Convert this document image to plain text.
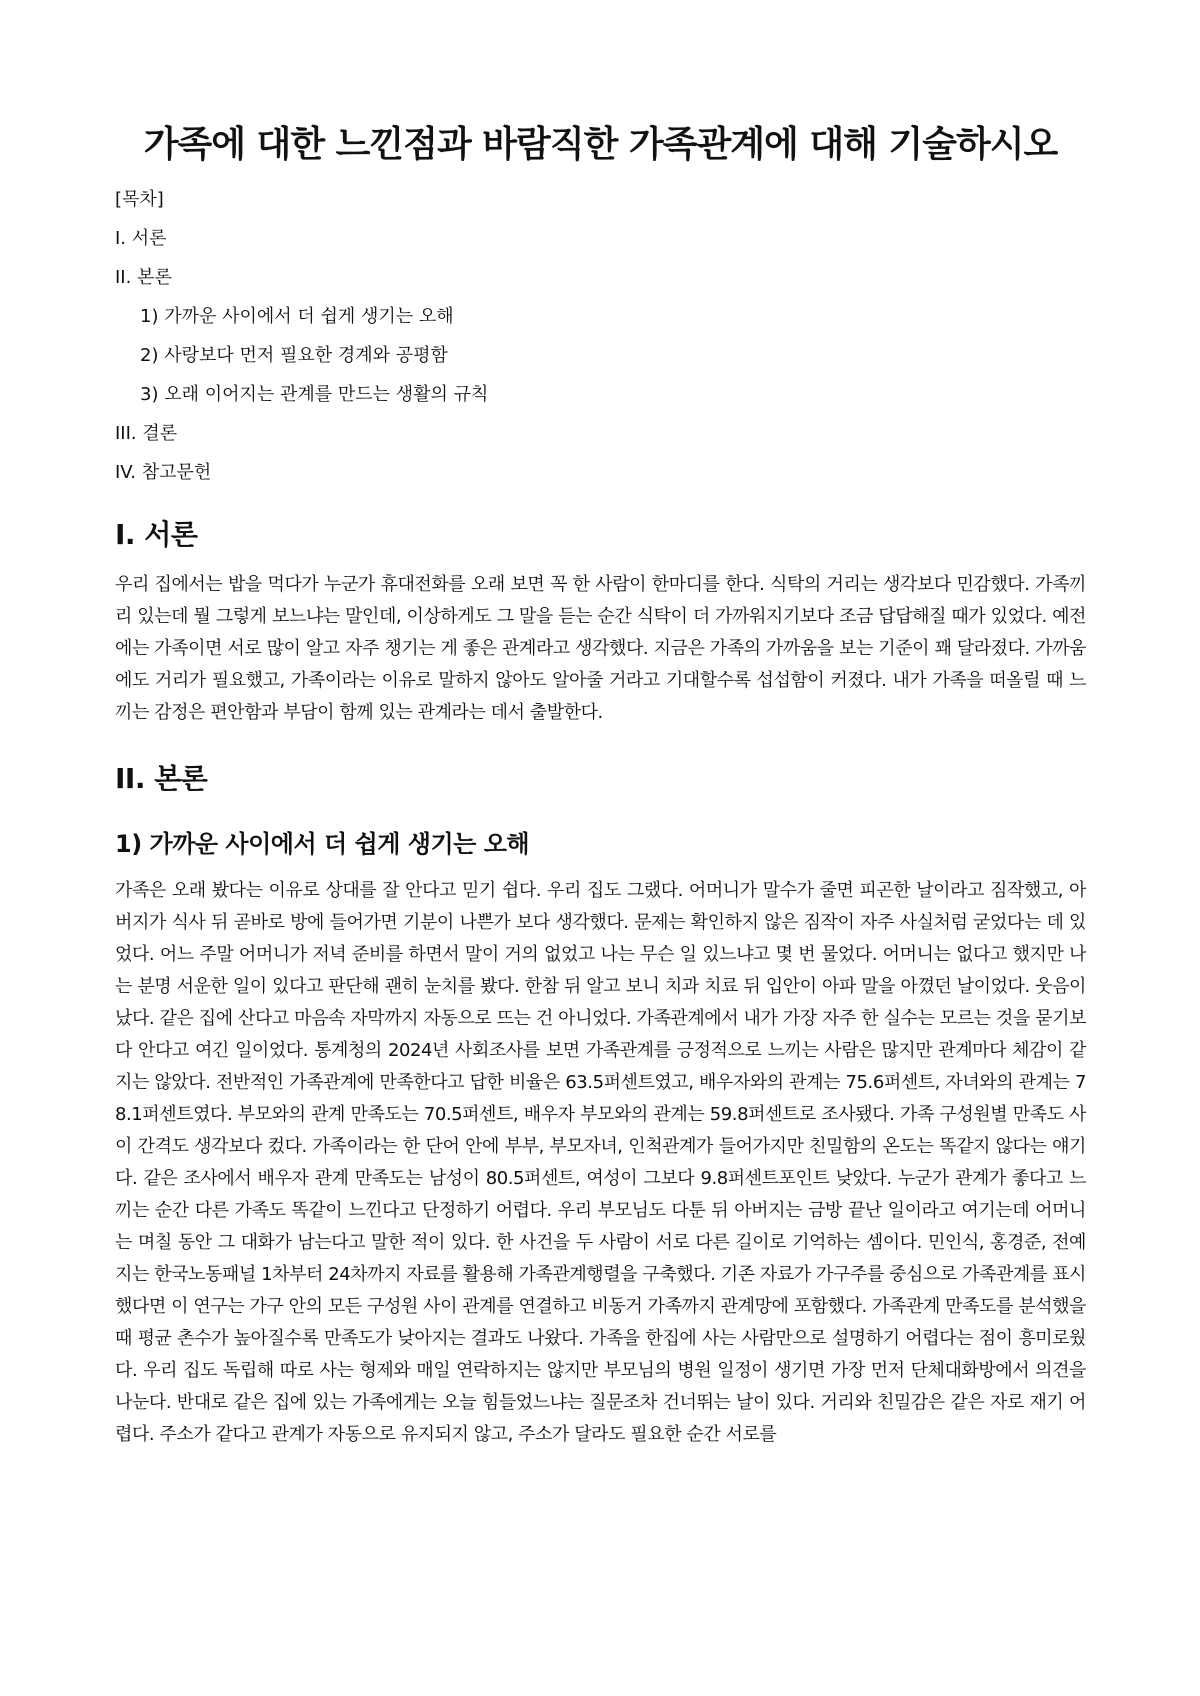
가족에 대한 느낀점과 바람직한 가족관계에 대해 기술하시오
[목차]
I. 서론
II. 본론
1) 가까운 사이에서 더 쉽게 생기는 오해
2) 사랑보다 먼저 필요한 경계와 공평함
3) 오래 이어지는 관계를 만드는 생활의 규칙
III. 결론
IV. 참고문헌
I. 서론

우리 집에서는 밥을 먹다가 누군가 휴대전화를 오래 보면 꼭 한 사람이 한마디를 한다. 식탁의 거리는 생각보다 민감했다. 가족끼리 있는데 뭘 그렇게 보느냐는 말인데, 이상하게도 그 말을 듣는 순간 식탁이 더 가까워지기보다 조금 답답해질 때가 있었다. 예전에는 가족이면 서로 많이 알고 자주 챙기는 게 좋은 관계라고 생각했다. 지금은 가족의 가까움을 보는 기준이 꽤 달라졌다. 가까움에도 거리가 필요했고, 가족이라는 이유로 말하지 않아도 알아줄 거라고 기대할수록 섭섭함이 커졌다. 내가 가족을 떠올릴 때 느끼는 감정은 편안함과 부담이 함께 있는 관계라는 데서 출발한다.

II. 본론
1) 가까운 사이에서 더 쉽게 생기는 오해

가족은 오래 봤다는 이유로 상대를 잘 안다고 믿기 쉽다. 우리 집도 그랬다. 어머니가 말수가 줄면 피곤한 날이라고 짐작했고, 아버지가 식사 뒤 곧바로 방에 들어가면 기분이 나쁜가 보다 생각했다. 문제는 확인하지 않은 짐작이 자주 사실처럼 굳었다는 데 있었다. 어느 주말 어머니가 저녁 준비를 하면서 말이 거의 없었고 나는 무슨 일 있느냐고 몇 번 물었다. 어머니는 없다고 했지만 나는 분명 서운한 일이 있다고 판단해 괜히 눈치를 봤다. 한참 뒤 알고 보니 치과 치료 뒤 입안이 아파 말을 아꼈던 날이었다. 웃음이 났다. 같은 집에 산다고 마음속 자막까지 자동으로 뜨는 건 아니었다. 가족관계에서 내가 가장 자주 한 실수는 모르는 것을 묻기보다 안다고 여긴 일이었다. 통계청의 2024년 사회조사를 보면 가족관계를 긍정적으로 느끼는 사람은 많지만 관계마다 체감이 같지는 않았다. 전반적인 가족관계에 만족한다고 답한 비율은 63.5퍼센트였고, 배우자와의 관계는 75.6퍼센트, 자녀와의 관계는 78.1퍼센트였다. 부모와의 관계 만족도는 70.5퍼센트, 배우자 부모와의 관계는 59.8퍼센트로 조사됐다. 가족 구성원별 만족도 사이 간격도 생각보다 컸다. 가족이라는 한 단어 안에 부부, 부모자녀, 인척관계가 들어가지만 친밀함의 온도는 똑같지 않다는 얘기다. 같은 조사에서 배우자 관계 만족도는 남성이 80.5퍼센트, 여성이 그보다 9.8퍼센트포인트 낮았다. 누군가 관계가 좋다고 느끼는 순간 다른 가족도 똑같이 느낀다고 단정하기 어렵다. 우리 부모님도 다툰 뒤 아버지는 금방 끝난 일이라고 여기는데 어머니는 며칠 동안 그 대화가 남는다고 말한 적이 있다. 한 사건을 두 사람이 서로 다른 길이로 기억하는 셈이다. 민인식, 홍경준, 전예지는 한국노동패널 1차부터 24차까지 자료를 활용해 가족관계행렬을 구축했다. 기존 자료가 가구주를 중심으로 가족관계를 표시했다면 이 연구는 가구 안의 모든 구성원 사이 관계를 연결하고 비동거 가족까지 관계망에 포함했다. 가족관계 만족도를 분석했을 때 평균 촌수가 높아질수록 만족도가 낮아지는 결과도 나왔다. 가족을 한집에 사는 사람만으로 설명하기 어렵다는 점이 흥미로웠다. 우리 집도 독립해 따로 사는 형제와 매일 연락하지는 않지만 부모님의 병원 일정이 생기면 가장 먼저 단체대화방에서 의견을 나눈다. 반대로 같은 집에 있는 가족에게는 오늘 힘들었느냐는 질문조차 건너뛰는 날이 있다. 거리와 친밀감은 같은 자로 재기 어렵다. 주소가 같다고 관계가 자동으로 유지되지 않고, 주소가 달라도 필요한 순간 서로를
